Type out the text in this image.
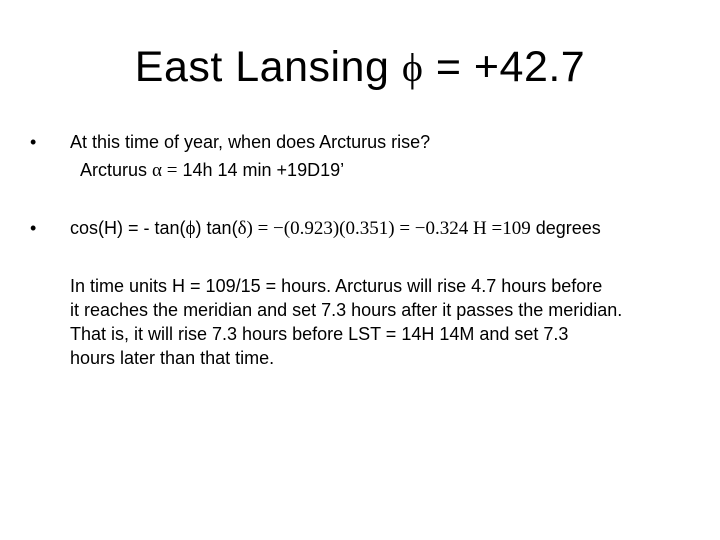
East Lansing ϕ = +42.7
• At this time of year, when does Arcturus rise?
Arcturus α = 14h 14 min +19D19’
• cos(H) = - tan(ϕ) tan(δ) = −(0.923)(0.351) = −0.324 H =109 degrees
In time units H = 109/15 = hours. Arcturus will rise 4.7 hours before
it reaches the meridian and set 7.3 hours after it passes the meridian.
That is, it will rise 7.3 hours before LST = 14H 14M and set 7.3
hours later than that time.
